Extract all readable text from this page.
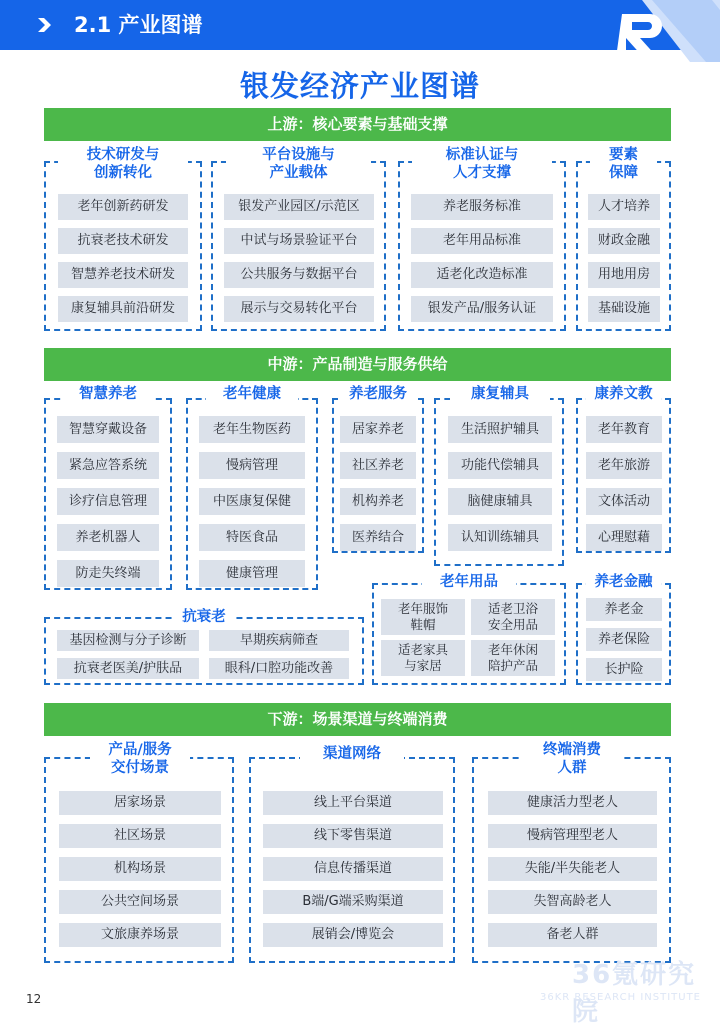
2.1 产业图谱
银发经济产业图谱
上游：核心要素与基础支撑
中游：产品制造与服务供给
下游：场景渠道与终端消费
技术研发与
创新转化
老年创新药研发
抗衰老技术研发
智慧养老技术研发
康复辅具前沿研发
平台设施与
产业载体
银发产业园区/示范区
中试与场景验证平台
公共服务与数据平台
展示与交易转化平台
标准认证与
人才支撑
养老服务标准
老年用品标准
适老化改造标准
银发产品/服务认证
要素
保障
人才培养
财政金融
用地用房
基础设施
智慧养老
智慧穿戴设备
紧急应答系统
诊疗信息管理
养老机器人
防走失终端
老年健康
老年生物医药
慢病管理
中医康复保健
特医食品
健康管理
养老服务
居家养老
社区养老
机构养老
医养结合
康复辅具
生活照护辅具
功能代偿辅具
脑健康辅具
认知训练辅具
康养文教
老年教育
老年旅游
文体活动
心理慰藉
抗衰老
基因检测与分子诊断	早期疾病筛查
抗衰老医美/护肤品	眼科/口腔功能改善
老年用品
老年服饰
鞋帽
适老卫浴
安全用品
适老家具
与家居
老年休闲
陪护产品
养老金融
养老金
养老保险
长护险
产品/服务
交付场景
居家场景
社区场景
机构场景
公共空间场景
文旅康养场景
渠道网络
线上平台渠道
线下零售渠道
信息传播渠道
B端/G端采购渠道
展销会/博览会
终端消费
人群
健康活力型老人
慢病管理型老人
失能/半失能老人
失智高龄老人
备老人群
12
36氪研究院
36KR RESEARCH INSTITUTE
